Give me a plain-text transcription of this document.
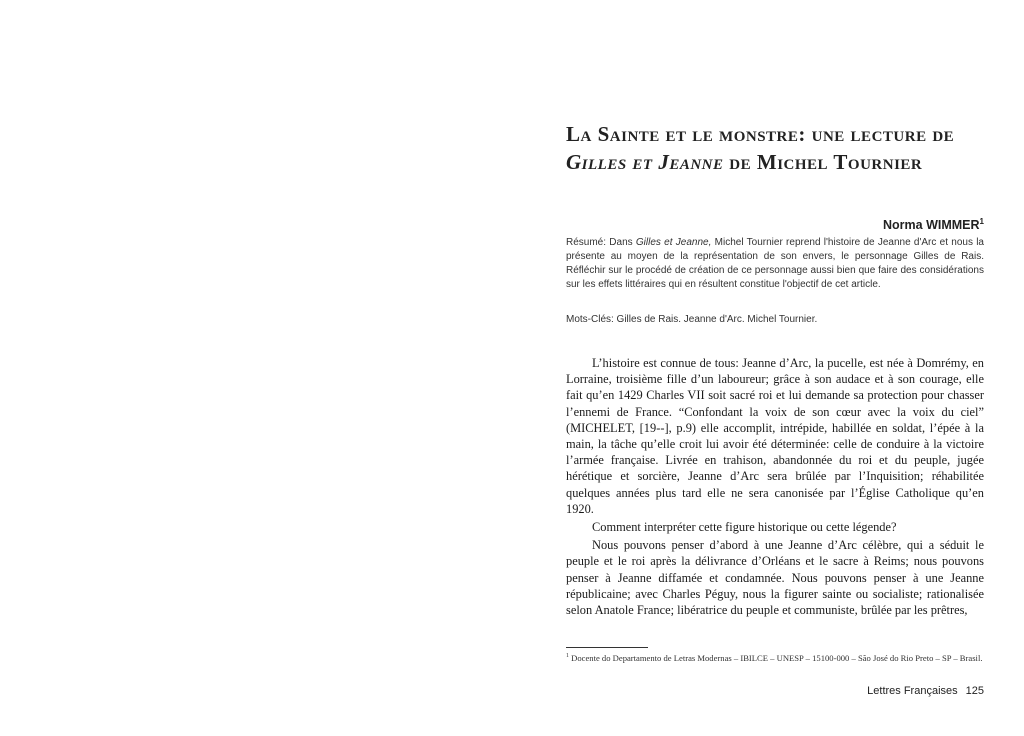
La Sainte et le monstre: une lecture de Gilles et Jeanne de Michel Tournier
Norma WIMMER$^1$

Résumé: Dans Gilles et Jeanne, Michel Tournier reprend l'histoire de Jeanne d'Arc et nous la présente au moyen de la représentation de son envers, le personnage Gilles de Rais. Réfléchir sur le procédé de création de ce personnage aussi bien que faire des considérations sur les effets littéraires qui en résultent constitue l'objectif de cet article.

Mots-Clés: Gilles de Rais. Jeanne d'Arc. Michel Tournier.

L’histoire est connue de tous: Jeanne d’Arc, la pucelle, est née à Domrémy, en Lorraine, troisième fille d’un laboureur; grâce à son audace et à son courage, elle fait qu’en 1429 Charles VII soit sacré roi et lui demande sa protection pour chasser l’ennemi de France. “Confondant la voix de son cœur avec la voix du ciel” (MICHELET, [19--], p.9) elle accomplit, intrépide, habillée en soldat, l’épée à la main, la tâche qu’elle croit lui avoir été déterminée: celle de conduire à la victoire l’armée française. Livrée en trahison, abandonnée du roi et du peuple, jugée hérétique et sorcière, Jeanne d’Arc sera brûlée par l’Inquisition; réhabilitée quelques années plus tard elle ne sera canonisée par l’Église Catholique qu’en 1920.

Comment interpréter cette figure historique ou cette légende?

Nous pouvons penser d’abord à une Jeanne d’Arc célèbre, qui a séduit le peuple et le roi après la délivrance d’Orléans et le sacre à Reims; nous pouvons penser à Jeanne diffamée et condamnée. Nous pouvons penser à une Jeanne républicaine; avec Charles Péguy, nous la figurer sainte ou socialiste; rationalisée selon Anatole France; libératrice du peuple et communiste, brûlée par les prêtres,

$^1$ Docente do Departamento de Letras Modernas – IBILCE – UNESP – 15100-000 – São José do Rio Preto – SP – Brasil.

Lettres Françaises 125
